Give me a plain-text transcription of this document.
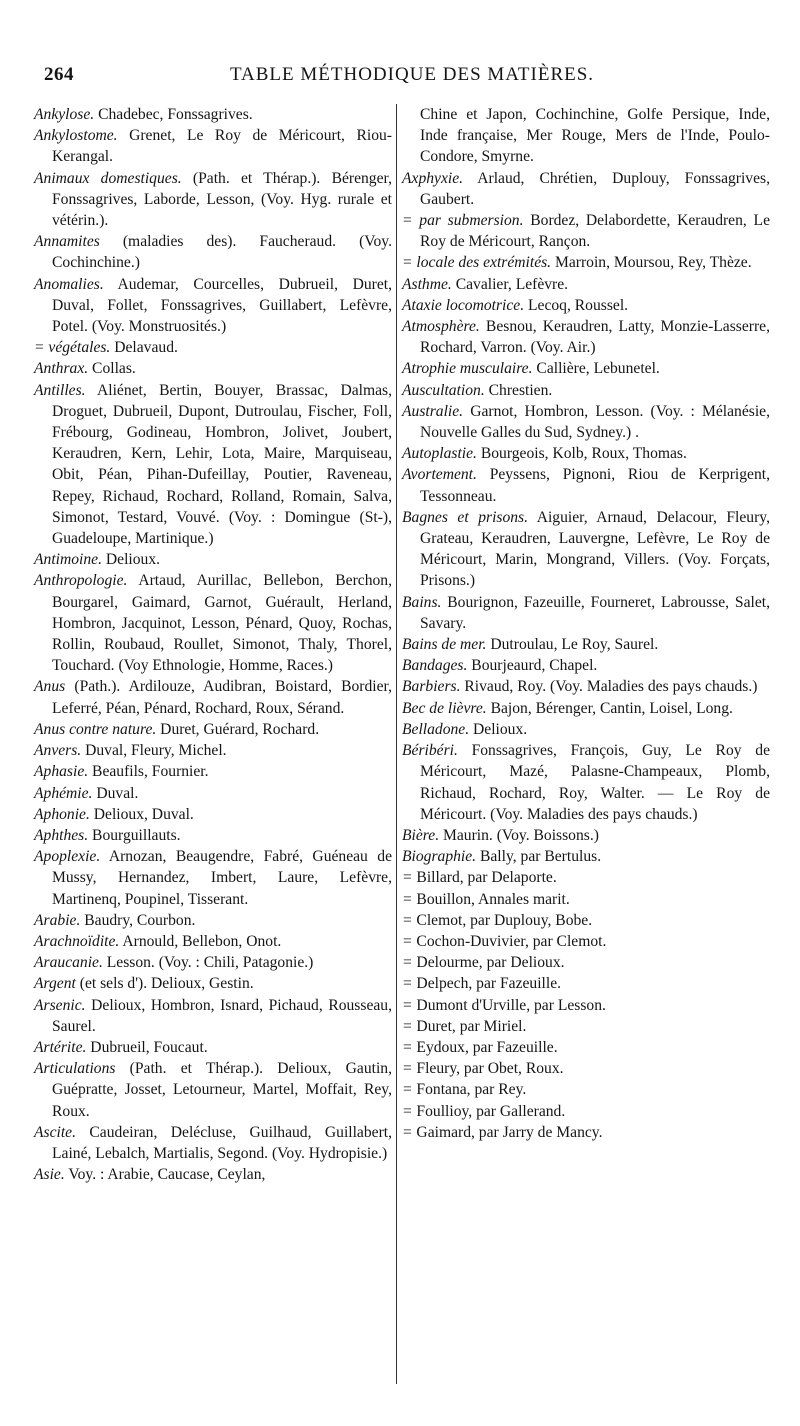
264	TABLE MÉTHODIQUE DES MATIÈRES.

Ankylose. Chadebec, Fonssagrives.

Ankylostome. Grenet, Le Roy de Méricourt, Riou-Kerangal.

Animaux domestiques. (Path. et Thérap.). Bérenger, Fonssagrives, Laborde, Lesson, (Voy. Hyg. rurale et vétérin.).

Annamites (maladies des). Faucheraud. (Voy. Cochinchine.)

Anomalies. Audemar, Courcelles, Dubrueil, Duret, Duval, Follet, Fonssagrives, Guillabert, Lefèvre, Potel. (Voy. Monstruosités.)

= végétales. Delavaud.

Anthrax. Collas.

Antilles. Aliénet, Bertin, Bouyer, Brassac, Dalmas, Droguet, Dubrueil, Dupont, Dutroulau, Fischer, Foll, Frébourg, Godineau, Hombron, Jolivet, Joubert, Keraudren, Kern, Lehir, Lota, Maire, Marquiseau, Obit, Péan, Pihan-Dufeillay, Poutier, Raveneau, Repey, Richaud, Rochard, Rolland, Romain, Salva, Simonot, Testard, Vouvé. (Voy. : Domingue (St-), Guadeloupe, Martinique.)

Antimoine. Delioux.

Anthropologie. Artaud, Aurillac, Bellebon, Berchon, Bourgarel, Gaimard, Garnot, Guérault, Herland, Hombron, Jacquinot, Lesson, Pénard, Quoy, Rochas, Rollin, Roubaud, Roullet, Simonot, Thaly, Thorel, Touchard. (Voy Ethnologie, Homme, Races.)

Anus (Path.). Ardilouze, Audibran, Boistard, Bordier, Leferré, Péan, Pénard, Rochard, Roux, Sérand.

Anus contre nature. Duret, Guérard, Rochard.

Anvers. Duval, Fleury, Michel.

Aphasie. Beaufils, Fournier.

Aphémie. Duval.

Aphonie. Delioux, Duval.

Aphthes. Bourguillauts.

Apoplexie. Arnozan, Beaugendre, Fabré, Guéneau de Mussy, Hernandez, Imbert, Laure, Lefèvre, Martinenq, Poupinel, Tisserant.

Arabie. Baudry, Courbon.

Arachnoïdite. Arnould, Bellebon, Onot.

Araucanie. Lesson. (Voy. : Chili, Patagonie.)

Argent (et sels d'). Delioux, Gestin.

Arsenic. Delioux, Hombron, Isnard, Pichaud, Rousseau, Saurel.

Artérite. Dubrueil, Foucaut.

Articulations (Path. et Thérap.). Delioux, Gautin, Guépratte, Josset, Letourneur, Martel, Moffait, Rey, Roux.

Ascite. Caudeiran, Delécluse, Guilhaud, Guillabert, Lainé, Lebalch, Martialis, Segond. (Voy. Hydropisie.)

Asie. Voy. : Arabie, Caucase, Ceylan,

Chine et Japon, Cochinchine, Golfe Persique, Inde, Inde française, Mer Rouge, Mers de l'Inde, Poulo-Condore, Smyrne.

Axphyxie. Arlaud, Chrétien, Duplouy, Fonssagrives, Gaubert.

= par submersion. Bordez, Delabordette, Keraudren, Le Roy de Méricourt, Rançon.

= locale des extrémités. Marroin, Moursou, Rey, Thèze.

Asthme. Cavalier, Lefèvre.

Ataxie locomotrice. Lecoq, Roussel.

Atmosphère. Besnou, Keraudren, Latty, Monzie-Lasserre, Rochard, Varron. (Voy. Air.)

Atrophie musculaire. Callière, Lebunetel.

Auscultation. Chrestien.

Australie. Garnot, Hombron, Lesson. (Voy. : Mélanésie, Nouvelle Galles du Sud, Sydney.) .

Autoplastie. Bourgeois, Kolb, Roux, Thomas.

Avortement. Peyssens, Pignoni, Riou de Kerprigent, Tessonneau.

Bagnes et prisons. Aiguier, Arnaud, Delacour, Fleury, Grateau, Keraudren, Lauvergne, Lefèvre, Le Roy de Méricourt, Marin, Mongrand, Villers. (Voy. Forçats, Prisons.)

Bains. Bourignon, Fazeuille, Fourneret, Labrousse, Salet, Savary.

Bains de mer. Dutroulau, Le Roy, Saurel.

Bandages. Bourjeaurd, Chapel.

Barbiers. Rivaud, Roy. (Voy. Maladies des pays chauds.)

Bec de lièvre. Bajon, Bérenger, Cantin, Loisel, Long.

Belladone. Delioux.

Béribéri. Fonssagrives, François, Guy, Le Roy de Méricourt, Mazé, Palasne-Champeaux, Plomb, Richaud, Rochard, Roy, Walter. — Le Roy de Méricourt. (Voy. Maladies des pays chauds.)

Bière. Maurin. (Voy. Boissons.)

Biographie. Bally, par Bertulus.

= Billard, par Delaporte.

= Bouillon, Annales marit.

= Clemot, par Duplouy, Bobe.

= Cochon-Duvivier, par Clemot.

= Delourme, par Delioux.

= Delpech, par Fazeuille.

= Dumont d'Urville, par Lesson.

= Duret, par Miriel.

= Eydoux, par Fazeuille.

= Fleury, par Obet, Roux.

= Fontana, par Rey.

= Foullioy, par Gallerand.

= Gaimard, par Jarry de Mancy.
